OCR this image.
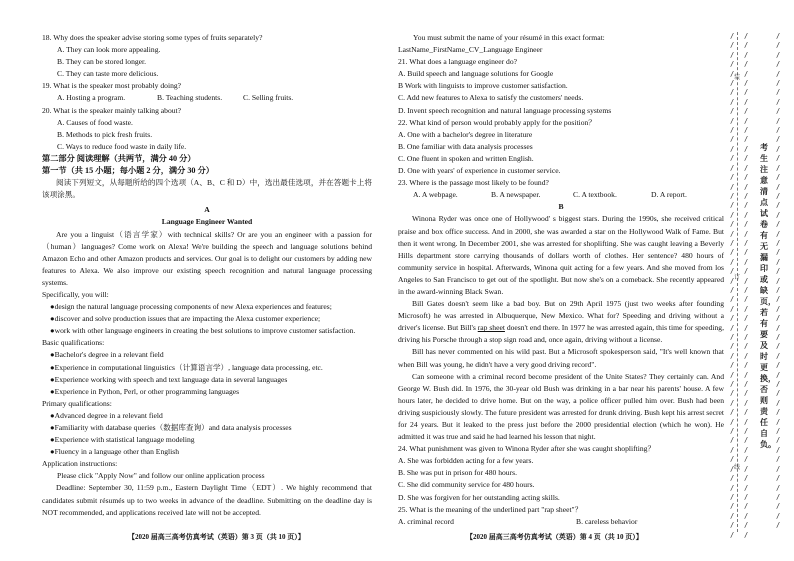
18. Why does the speaker advise storing some types of fruits separately?
A. They can look more appealing.
B. They can be stored longer.
C. They can taste more delicious.
19. What is the speaker most probably doing?
A. Hosting a program.	B. Teaching students.	C. Selling fruits.
20. What is the speaker mainly talking about?
A. Causes of food waste.
B. Methods to pick fresh fruits.
C. Ways to reduce food waste in daily life.
第二部分 阅读理解（共两节，满分 40 分）
第一节（共 15 小题；每小题 2 分，满分 30 分）
阅读下列短文，从每题所给的四个选项（A、B、C 和 D）中，选出最佳选项，并在答题卡上将该项涂黑。
A
Language Engineer Wanted
Are you a linguist（语言学家）with technical skills? Or are you an engineer with a passion for（human）languages? Come work on Alexa! We're building the speech and language solutions behind Amazon Echo and other Amazon products and services. Our goal is to delight our customers by adding new features to Alexa. We also improve our existing speech recognition and natural language processing systems.
Specifically, you will:
●design the natural language processing components of new Alexa experiences and features;
●discover and solve production issues that are impacting the Alexa customer experience;
●work with other language engineers in creating the best solutions to improve customer satisfaction.
Basic qualifications:
●Bachelor's degree in a relevant field
●Experience in computational linguistics（计算语言学）, language data processing, etc.
●Experience working with speech and text language data in several languages
●Experience in Python, Perl, or other programming languages
Primary qualifications:
●Advanced degree in a relevant field
●Familiarity with database queries（数据库查询）and data analysis processes
●Experience with statistical language modeling
●Fluency in a language other than English
Application instructions:
Please click "Apply Now" and follow our online application process
Deadline: September 30, 11:59 p.m., Eastern Daylight Time（EDT）. We highly recommend that candidates submit résumés up to two weeks in advance of the deadline. Submitting on the deadline day is NOT recommended, and applications received late will not be accepted.
You must submit the name of your résumé in this exact format:
LastName_FirstName_CV_Language Engineer
21. What does a language engineer do?
A. Build speech and language solutions for Google
B Work with linguists to improve customer satisfaction.
C. Add new features to Alexa to satisfy the customers' needs.
D. Invent speech recognition and natural language processing systems
22. What kind of person would probably apply for the position？
A. One with a bachelor's degree in literature
B. One familiar with data analysis processes
C. One fluent in spoken and written English.
D. One with years' of experience in customer service.
23. Where is the passage most likely to be found?
A. A webpage.	B. A newspaper.	C. A textbook.	D. A report.
B
Winona Ryder was once one of Hollywood' s biggest stars. During the 1990s, she received critical praise and box office success. And in 2000, she was awarded a star on the Hollywood Walk of Fame. But then it went wrong. In December 2001, she was arrested for shoplifting. She was caught leaving a Beverly Hills department store carrying thousands of dollars worth of clothes. Her sentence? 480 hours of community service in hospital. Afterwards, Winona quit acting for a few years. And she moved from los Angeles to San Francisco to get out of the spotlight. But now she's on a comeback. She recently appeared in the award-winning Black Swan.
Bill Gates doesn't seem like a bad boy. But on 29th April 1975 (just two weeks after founding Microsoft) he was arrested in Albuquerque, New Mexico. What for? Speeding and driving without a driver's license. But Bill's rap sheet doesn't end there. In 1977 he was arrested again, this time for speeding, driving his Porsche through a stop sign road and, once again, driving without a license.
Bill has never commented on his wild past. But a Microsoft spokesperson said, "It's well known that when Bill was young, he didn't have a very good driving record".
Can someone with a criminal record become president of the Unite States? They certainly can. And George W. Bush did. In 1976, the 30-year old Bush was drinking in a bar near his parents' house. A few hours later, he decided to drive home. But on the way, a police officer pulled him over. Bush had been driving suspiciously slowly. The future president was arrested for drunk driving. Bush kept his arrest secret for 24 years. But it leaked to the press just before the 2000 presidential election (which he won). He admitted it was true and said he had learned his lesson that night.
24. What punishment was given to Winona Ryder after she was caught shoplifting？
A. She was forbidden acting for a few years.
B. She was put in prison for 480 hours.
C. She did community service for 480 hours.
D. She was forgiven for her outstanding acting skills.
25. What is the meaning of the underlined part "rap sheet"？
A. criminal record	B. careless behavior
【2020 届高三高考仿真考试（英语）第 3 页（共 10 页）】	【2020 届高三高考仿真考试（英语）第 4 页（共 10 页）】
/
/
/
/
/
/
/
/
/
/
/
/
/
/
/
/
/
/
/
/
/
/
/
/
/
/
/
/
/
/
/
/
/
/
/
/
/
/
/
/
/
/
/
/
/
/
/
/
/
/
/
/
/
/
装
订
线
/
/
/
/
/
/
/
/
/
/
/
/
/
/
/
/
/
/
/
/
/
/
/
/
/
/
/
/
/
/
/
/
/
/
/
/
/
/
/
/
/
/
/
/
/
/
/
/
/
/
/
/
/
/
考生注意清点试卷有无漏印或缺页，若有要及时更换，否则责任自负。
/
/
/
/
/
/
/
/
/
/
/
/
/
/
/
/
/
/
/
/
/
/
/
/
/
/
/
/
/
/
/
/
/
/
/
/
/
/
/
/
/
/
/
/
/
/
/
/
/
/
/
/
/
